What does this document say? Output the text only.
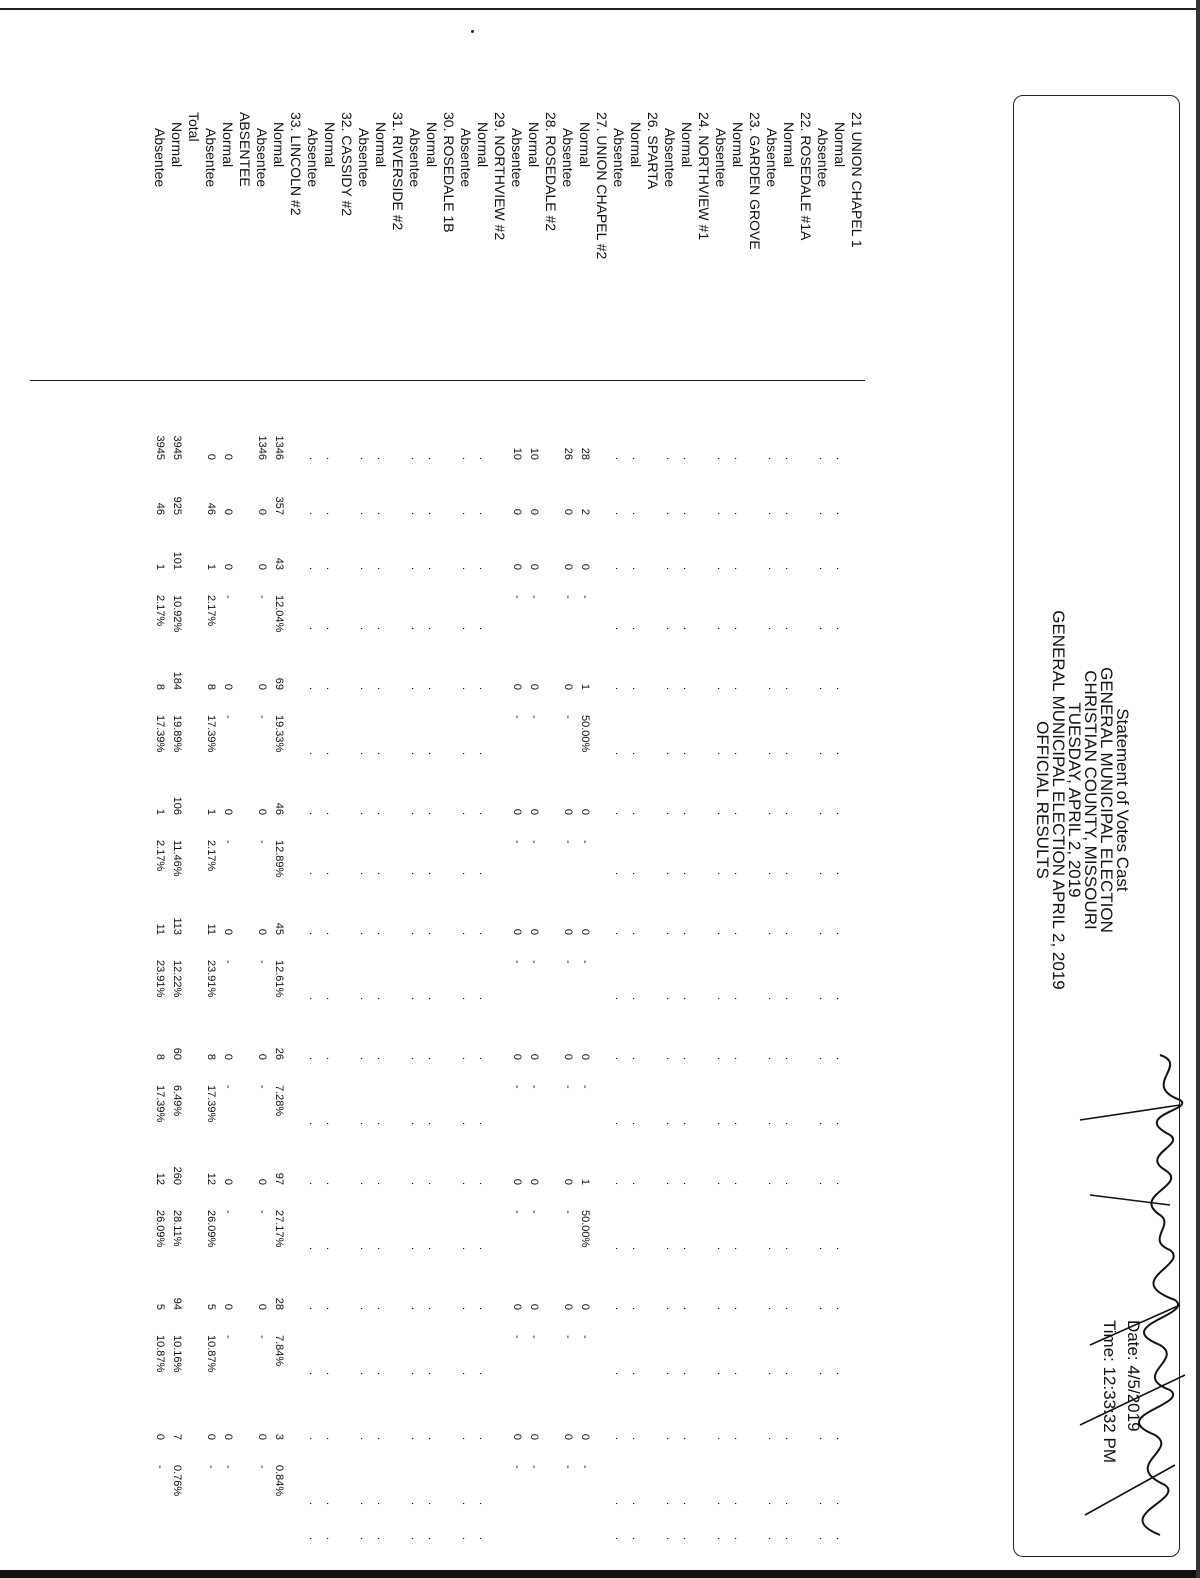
Statement of Votes Cast
GENERAL MUNICIPAL ELECTION
CHRISTIAN COUNTY, MISSOURI
TUESDAY, APRIL 2, 2019
GENERAL MUNICIPAL ELECTION APRIL 2, 2019
OFFICIAL RESULTS
Date: 4/5/2019
Time: 12:33:32 PM
21 UNION CHAPEL 1
Normal
Absentee
22. ROSEDALE #1A
Normal
Absentee
23. GARDEN GROVE
Normal
Absentee
24. NORTHVIEW #1
Normal
Absentee
26. SPARTA
Normal
Absentee
27. UNION CHAPEL #2
Normal
Absentee
28. ROSEDALE #2
Normal
Absentee
29. NORTHVIEW #2
Normal
Absentee
30. ROSEDALE 1B
Normal
Absentee
31. RIVERSIDE #2
Normal
Absentee
32. CASSIDY #2
Normal
Absentee
33. LINCOLN #2
Normal
Absentee
ABSENTEE
Normal
Absentee
Total
Normal
Absentee
.
.
.
.
.
.
.
.
.
.
.
.
.
.
.
.
.
.
.
.
.
.
.
.
.
.
.
.
.
.
.
.
.
.
.
.
.
.
.
.
.
.
.
.
.
.
.
.
.
.
.
.
.
.
.
.
.
.
.
.
.
.
.
.
.
.
.
.
.
.
.
.
.
.
.
.
.
.
.
.
.
.
.
.
.
.
.
.
.
.
.
.
.
.
.
.
.
.
.
.
.
.
.
.
.
.
.
.
.
.
.
.
.
.
.
.
.
.
.
.
.
.
.
.
.
.
.
.
.
.
.
.
.
.
.
.
.
.
.
.
.
.
.
.
.
.
.
.
.
.
.
.
.
.
.
.
.
.
.
.
.
.
.
.
.
.
.
.
.
.
.
.
.
.
.
.
.
.
.
.
.
.
.
.
.
.
.
.
.
.
28
2
0
-
1
50.00%
0
-
0
-
0
-
1
50.00%
0
-
0
-
26
0
0
-
0
-
0
-
0
-
0
-
0
-
0
-
0
-
10
0
0
-
0
-
0
-
0
-
0
-
0
-
0
-
0
-
10
0
0
-
0
-
0
-
0
-
0
-
0
-
0
-
0
-
.
.
.
.
.
.
.
.
.
.
.
.
.
.
.
.
.
.
.
.
.
.
.
.
.
.
.
.
.
.
.
.
.
.
.
.
.
.
.
.
.
.
.
.
.
.
.
.
.
.
.
.
.
.
.
.
.
.
.
.
.
.
.
.
.
.
.
.
.
.
.
.
.
.
.
.
.
.
.
.
.
.
.
.
.
.
.
.
.
.
.
.
.
.
.
.
.
.
.
.
.
.
.
.
.
.
.
.
.
.
.
.
.
.
.
.
.
.
.
.
.
.
.
.
.
.
.
.
.
.
.
.
.
.
.
.
.
.
.
.
.
.
.
.
.
.
.
.
.
.
.
.
1346
357
43
12.04%
69
19.33%
46
12.89%
45
12.61%
26
7.28%
97
27.17%
28
7.84%
3
0.84%
1346
0
0
-
0
-
0
-
0
-
0
-
0
-
0
-
0
-
0
0
0
-
0
-
0
-
0
-
0
-
0
-
0
-
0
-
0
46
1
2.17%
8
17.39%
1
2.17%
11
23.91%
8
17.39%
12
26.09%
5
10.87%
0
-
3945
925
101
10.92%
184
19.89%
106
11.46%
113
12.22%
60
6.49%
260
28.11%
94
10.16%
7
0.76%
3945
46
1
2.17%
8
17.39%
1
2.17%
11
23.91%
8
17.39%
12
26.09%
5
10.87%
0
-
